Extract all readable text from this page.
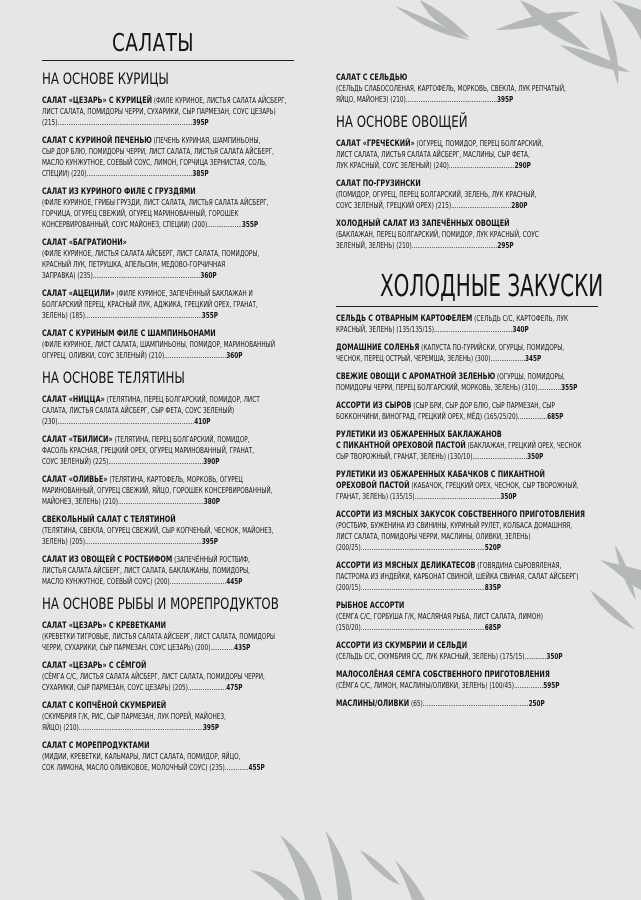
САЛАТЫ
НА ОСНОВЕ КУРИЦЫ
САЛАТ «ЦЕЗАРЬ» С КУРИЦЕЙ (ФИЛЕ КУРИНОЕ, ЛИСТЬЯ САЛАТА АЙСБЕРГ,
ЛИСТ САЛАТА, ПОМИДОРЫ ЧЕРРИ, СУХАРИКИ, СЫР ПАРМЕЗАН, СОУС ЦЕЗАРЬ)
(215)..........................................................................395Р
САЛАТ С КУРИНОЙ ПЕЧЕНЬЮ (ПЕЧЕНЬ КУРИНАЯ, ШАМПИНЬОНЫ,
СЫР ДОР БЛЮ, ПОМИДОРЫ ЧЕРРИ, ЛИСТ САЛАТА, ЛИСТЬЯ САЛАТА АЙСБЕРГ,
МАСЛО КУНЖУТНОЕ, СОЕВЫЙ СОУС, ЛИМОН, ГОРЧИЦА ЗЕРНИСТАЯ, СОЛЬ,
СПЕЦИИ) (220)..........................................................385Р
САЛАТ ИЗ КУРИНОГО ФИЛЕ С ГРУЗДЯМИ
(ФИЛЕ КУРИНОЕ, ГРИБЫ ГРУЗДИ, ЛИСТ САЛАТА, ЛИСТЬЯ САЛАТА АЙСБЕРГ,
ГОРЧИЦА, ОГУРЕЦ СВЕЖИЙ, ОГУРЕЦ МАРИНОВАННЫЙ, ГОРОШЕК
КОНСЕРВИРОВАННЫЙ, СОУС МАЙОНЕЗ, СПЕЦИИ) (200)...................355Р
САЛАТ «БАГРАТИОНИ»
(ФИЛЕ КУРИНОЕ, ЛИСТЬЯ САЛАТА АЙСБЕРГ, ЛИСТ САЛАТА, ПОМИДОРЫ,
КРАСНЫЙ ЛУК, ПЕТРУШКА, АПЕЛЬСИН, МЕДОВО-ГОРЧИЧНАЯ
ЗАПРАВКА) (235)...........................................................360Р
САЛАТ «АЦЕЦИЛИ» (ФИЛЕ КУРИНОЕ, ЗАПЕЧЁННЫЙ БАКЛАЖАН И
БОЛГАРСКИЙ ПЕРЕЦ, КРАСНЫЙ ЛУК, АДЖИКА, ГРЕЦКИЙ ОРЕХ, ГРАНАТ,
ЗЕЛЕНЬ) (185)................................................................355Р
САЛАТ С КУРИНЫМ ФИЛЕ С ШАМПИНЬОНАМИ
(ФИЛЕ КУРИНОЕ, ЛИСТ САЛАТА, ШАМПИНЬОНЫ, ПОМИДОР, МАРИНОВАННЫЙ
ОГУРЕЦ, ОЛИВКИ, СОУС ЗЕЛЕНЫЙ) (210)..................................360Р
НА ОСНОВЕ ТЕЛЯТИНЫ
САЛАТ «НИЦЦА» (ТЕЛЯТИНА, ПЕРЕЦ БОЛГАРСКИЙ, ПОМИДОР, ЛИСТ
САЛАТА, ЛИСТЬЯ САЛАТА АЙСБЕРГ, СЫР ФЕТА, СОУС ЗЕЛЕНЫЙ)
(230)...........................................................................410Р
САЛАТ «ТБИЛИСИ» (ТЕЛЯТИНА, ПЕРЕЦ БОЛГАРСКИЙ, ПОМИДОР,
ФАСОЛЬ КРАСНАЯ, ГРЕЦКИЙ ОРЕХ, ОГУРЕЦ МАРИНОВАННЫЙ, ГРАНАТ,
СОУС ЗЕЛЕНЫЙ) (225)....................................................390Р
САЛАТ «ОЛИВЬЕ» (ТЕЛЯТИНА, КАРТОФЕЛЬ, МОРКОВЬ, ОГУРЕЦ
МАРИНОВАННЫЙ, ОГУРЕЦ СВЕЖИЙ, ЯЙЦО, ГОРОШЕК КОНСЕРВИРОВАННЫЙ,
МАЙОНЕЗ, ЗЕЛЕНЬ) (210)...............................................380Р
СВЕКОЛЬНЫЙ САЛАТ С ТЕЛЯТИНОЙ
(ТЕЛЯТИНА, СВЕКЛА, ОГУРЕЦ СВЕЖИЙ, СЫР КОПЧЕНЫЙ, ЧЕСНОК, МАЙОНЕЗ,
ЗЕЛЕНЬ) (205)................................................................395Р
САЛАТ ИЗ ОВОЩЕЙ С РОСТБИФОМ (ЗАПЕЧЁННЫЙ РОСТБИФ,
ЛИСТЬЯ САЛАТА АЙСБЕРГ, ЛИСТ САЛАТА, БАКЛАЖАНЫ, ПОМИДОРЫ,
МАСЛО КУНЖУТНОЕ, СОЕВЫЙ СОУС) (200)...............................445Р
НА ОСНОВЕ РЫБЫ И МОРЕПРОДУКТОВ
САЛАТ «ЦЕЗАРЬ» С КРЕВЕТКАМИ
(КРЕВЕТКИ ТИГРОВЫЕ, ЛИСТЬЯ САЛАТА АЙСБЕРГ, ЛИСТ САЛАТА, ПОМИДОРЫ
ЧЕРРИ, СУХАРИКИ, СЫР ПАРМЕЗАН, СОУС ЦЕЗАРЬ) (200).............435Р
САЛАТ «ЦЕЗАРЬ» С СЁМГОЙ
(СЁМГА С/С, ЛИСТЬЯ САЛАТА АЙСБЕРГ, ЛИСТ САЛАТА, ПОМИДОРЫ ЧЕРРИ,
СУХАРИКИ, СЫР ПАРМЕЗАН, СОУС ЦЕЗАРЬ) (205).....................475Р
САЛАТ С КОПЧЁНОЙ СКУМБРИЕЙ
(СКУМБРИЯ Г/К, РИС, СЫР ПАРМЕЗАН, ЛУК ПОРЕЙ, МАЙОНЕЗ,
ЯЙЦО) (210)....................................................................395Р
САЛАТ С МОРЕПРОДУКТАМИ
(МИДИИ, КРЕВЕТКИ, КАЛЬМАРЫ, ЛИСТ САЛАТА, ПОМИДОР, ЯЙЦО,
СОК ЛИМОНА, МАСЛО ОЛИВКОВОЕ, МОЛОЧНЫЙ СОУС) (235).............455Р
САЛАТ С СЕЛЬДЬЮ
(СЕЛЬДЬ СЛАБОСОЛЕНАЯ, КАРТОФЕЛЬ, МОРКОВЬ, СВЕКЛА, ЛУК РЕПЧАТЫЙ,
ЯЙЦО, МАЙОНЕЗ) (210)..................................................395Р
НА ОСНОВЕ ОВОЩЕЙ
САЛАТ «ГРЕЧЕСКИЙ» (ОГУРЕЦ, ПОМИДОР, ПЕРЕЦ БОЛГАРСКИЙ,
ЛИСТ САЛАТА, ЛИСТЬЯ САЛАТА АЙСБЕРГ, МАСЛИНЫ, СЫР ФЕТА,
ЛУК КРАСНЫЙ, СОУС ЗЕЛЕНЫЙ) (240)....................................290Р
САЛАТ ПО-ГРУЗИНСКИ
(ПОМИДОР, ОГУРЕЦ, ПЕРЕЦ БОЛГАРСКИЙ, ЗЕЛЕНЬ, ЛУК КРАСНЫЙ,
СОУС ЗЕЛЕНЫЙ, ГРЕЦКИЙ ОРЕХ) (215).................................280Р
ХОЛОДНЫЙ САЛАТ ИЗ ЗАПЕЧЁННЫХ ОВОЩЕЙ
(БАКЛАЖАН, ПЕРЕЦ БОЛГАРСКИЙ, ПОМИДОР, ЛУК КРАСНЫЙ, СОУС
ЗЕЛЕНЫЙ, ЗЕЛЕНЬ) (210)...............................................295Р
ХОЛОДНЫЕ ЗАКУСКИ
СЕЛЬДЬ С ОТВАРНЫМ КАРТОФЕЛЕМ (СЕЛЬДЬ С/С, КАРТОФЕЛЬ, ЛУК
КРАСНЫЙ, ЗЕЛЕНЬ) (135/135/15)...........................................340Р
ДОМАШНИЕ СОЛЕНЬЯ (КАПУСТА ПО-ГУРИЙСКИ, ОГУРЦЫ, ПОМИДОРЫ,
ЧЕСНОК, ПЕРЕЦ ОСТРЫЙ, ЧЕРЕМША, ЗЕЛЕНЬ) (300)...................345Р
СВЕЖИЕ ОВОЩИ С АРОМАТНОЙ ЗЕЛЕНЬЮ (ОГУРЦЫ, ПОМИДОРЫ,
ПОМИДОРЫ ЧЕРРИ, ПЕРЕЦ БОЛГАРСКИЙ, МОРКОВЬ, ЗЕЛЕНЬ) (310).............355Р
АССОРТИ ИЗ СЫРОВ (СЫР БРИ, СЫР ДОР БЛЮ, СЫР ПАРМЕЗАН, СЫР
БОККОНЧИНИ, ВИНОГРАД, ГРЕЦКИЙ ОРЕХ, МЁД) (165/25/20)................685Р
РУЛЕТИКИ ИЗ ОБЖАРЕННЫХ БАКЛАЖАНОВ
С ПИКАНТНОЙ ОРЕХОВОЙ ПАСТОЙ (БАКЛАЖАН, ГРЕЦКИЙ ОРЕХ, ЧЕСНОК
СЫР ТВОРОЖНЫЙ, ГРАНАТ, ЗЕЛЕНЬ) (130/10)..............................350Р
РУЛЕТИКИ ИЗ ОБЖАРЕННЫХ КАБАЧКОВ С ПИКАНТНОЙ
ОРЕХОВОЙ ПАСТОЙ (КАБАЧОК, ГРЕЦКИЙ ОРЕХ, ЧЕСНОК, СЫР ТВОРОЖНЫЙ,
ГРАНАТ, ЗЕЛЕНЬ) (135/15)...............................................350Р
АССОРТИ ИЗ МЯСНЫХ ЗАКУСОК СОБСТВЕННОГО ПРИГОТОВЛЕНИЯ
(РОСТБИФ, БУЖЕНИНА ИЗ СВИНИНЫ, КУРИНЫЙ РУЛЕТ, КОЛБАСА ДОМАШНЯЯ,
ЛИСТ САЛАТА, ПОМИДОРЫ ЧЕРРИ, МАСЛИНЫ, ОЛИВКИ, ЗЕЛЕНЬ)
(200/25)....................................................................520Р
АССОРТИ ИЗ МЯСНЫХ ДЕЛИКАТЕСОВ (ГОВЯДИНА СЫРОВЯЛЕНАЯ,
ПАСТРОМА ИЗ ИНДЕЙКИ, КАРБОНАТ СВИНОЙ, ШЕЙКА СВИНАЯ, САЛАТ АЙСБЕРГ)
(200/15)....................................................................835Р
РЫБНОЕ АССОРТИ
(СЕМГА С/С, ГОРБУША Г/К, МАСЛЯНАЯ РЫБА, ЛИСТ САЛАТА, ЛИМОН)
(150/20)....................................................................685Р
АССОРТИ ИЗ СКУМБРИИ И СЕЛЬДИ
(СЕЛЬДЬ С/С, СКУМБРИЯ С/С, ЛУК КРАСНЫЙ, ЗЕЛЕНЬ) (175/15)............350Р
МАЛОСОЛЁНАЯ СЕМГА СОБСТВЕННОГО ПРИГОТОВЛЕНИЯ
(СЁМГА С/С, ЛИМОН, МАСЛИНЫ/ОЛИВКИ, ЗЕЛЕНЬ) (100/45)................595Р
МАСЛИНЫ/ОЛИВКИ (65)..........................................................250Р
